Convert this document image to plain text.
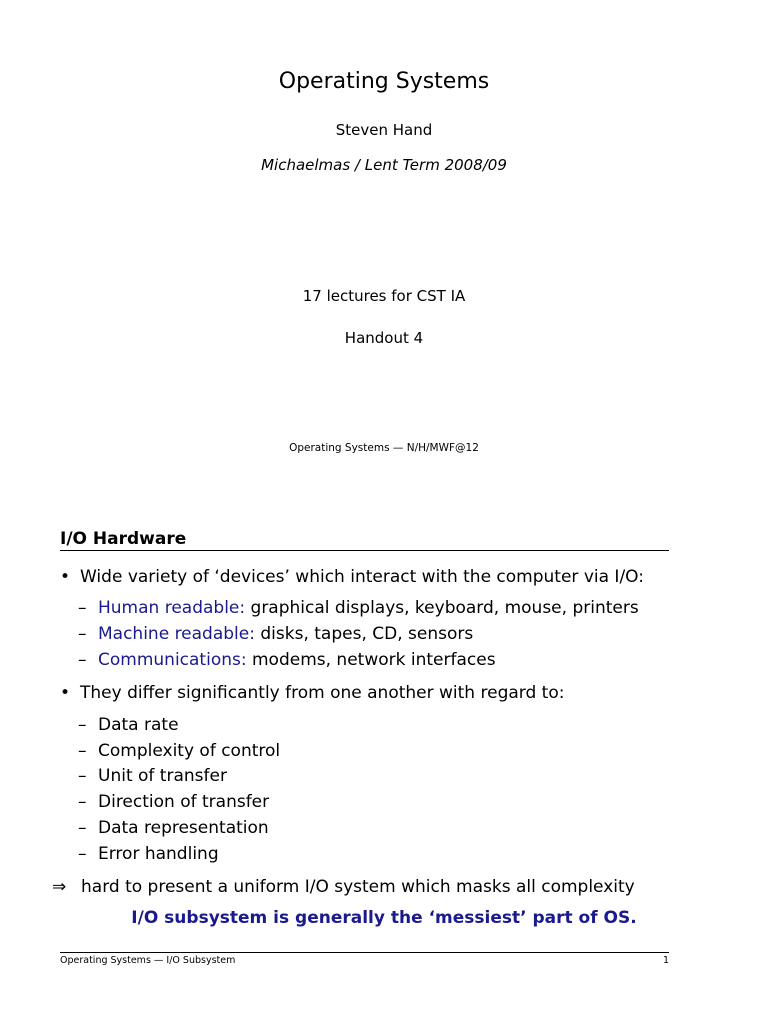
Operating Systems
Steven Hand
Michaelmas / Lent Term 2008/09
17 lectures for CST IA
Handout 4
Operating Systems — N/H/MWF@12
I/O Hardware
• Wide variety of ‘devices’ which interact with the computer via I/O:
– Human readable: graphical displays, keyboard, mouse, printers
– Machine readable: disks, tapes, CD, sensors
– Communications: modems, network interfaces
• They differ significantly from one another with regard to:
– Data rate
– Complexity of control
– Unit of transfer
– Direction of transfer
– Data representation
– Error handling
⇒ hard to present a uniform I/O system which masks all complexity
I/O subsystem is generally the ‘messiest’ part of OS.
Operating Systems — I/O Subsystem	1
